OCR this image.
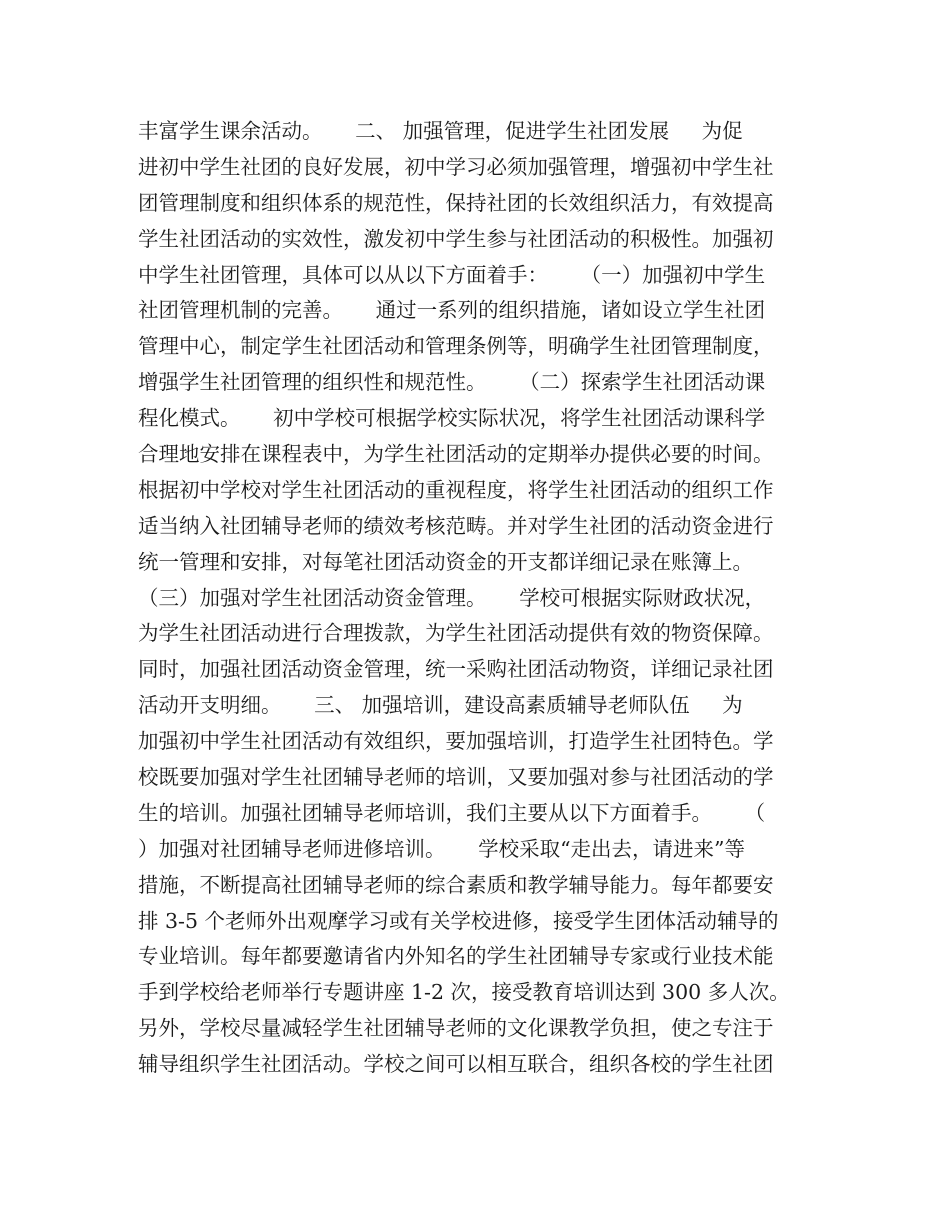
丰富学生课余活动。     二、 加强管理，促进学生社团发展     为促
进初中学生社团的良好发展，初中学习必须加强管理，增强初中学生社
团管理制度和组织体系的规范性，保持社团的长效组织活力，有效提高
学生社团活动的实效性，激发初中学生参与社团活动的积极性。加强初
中学生社团管理，具体可以从以下方面着手：     （一）加强初中学生
社团管理机制的完善。     通过一系列的组织措施，诸如设立学生社团
管理中心，制定学生社团活动和管理条例等，明确学生社团管理制度，
增强学生社团管理的组织性和规范性。     （二）探索学生社团活动课
程化模式。     初中学校可根据学校实际状况，将学生社团活动课科学
合理地安排在课程表中，为学生社团活动的定期举办提供必要的时间。
根据初中学校对学生社团活动的重视程度，将学生社团活动的组织工作
适当纳入社团辅导老师的绩效考核范畴。并对学生社团的活动资金进行
统一管理和安排，对每笔社团活动资金的开支都详细记录在账簿上。
（三）加强对学生社团活动资金管理。     学校可根据实际财政状况，
为学生社团活动进行合理拨款，为学生社团活动提供有效的物资保障。
同时，加强社团活动资金管理，统一采购社团活动物资，详细记录社团
活动开支明细。     三、 加强培训，建设高素质辅导老师队伍     为
加强初中学生社团活动有效组织，要加强培训，打造学生社团特色。学
校既要加强对学生社团辅导老师的培训，又要加强对参与社团活动的学
生的培训。加强社团辅导老师培训，我们主要从以下方面着手。     （
）加强对社团辅导老师进修培训。     学校采取“走出去，请进来”等
措施，不断提高社团辅导老师的综合素质和教学辅导能力。每年都要安
排 3-5 个老师外出观摩学习或有关学校进修，接受学生团体活动辅导的
专业培训。每年都要邀请省内外知名的学生社团辅导专家或行业技术能
手到学校给老师举行专题讲座 1-2 次，接受教育培训达到 300 多人次。
另外，学校尽量减轻学生社团辅导老师的文化课教学负担，使之专注于
辅导组织学生社团活动。学校之间可以相互联合，组织各校的学生社团
